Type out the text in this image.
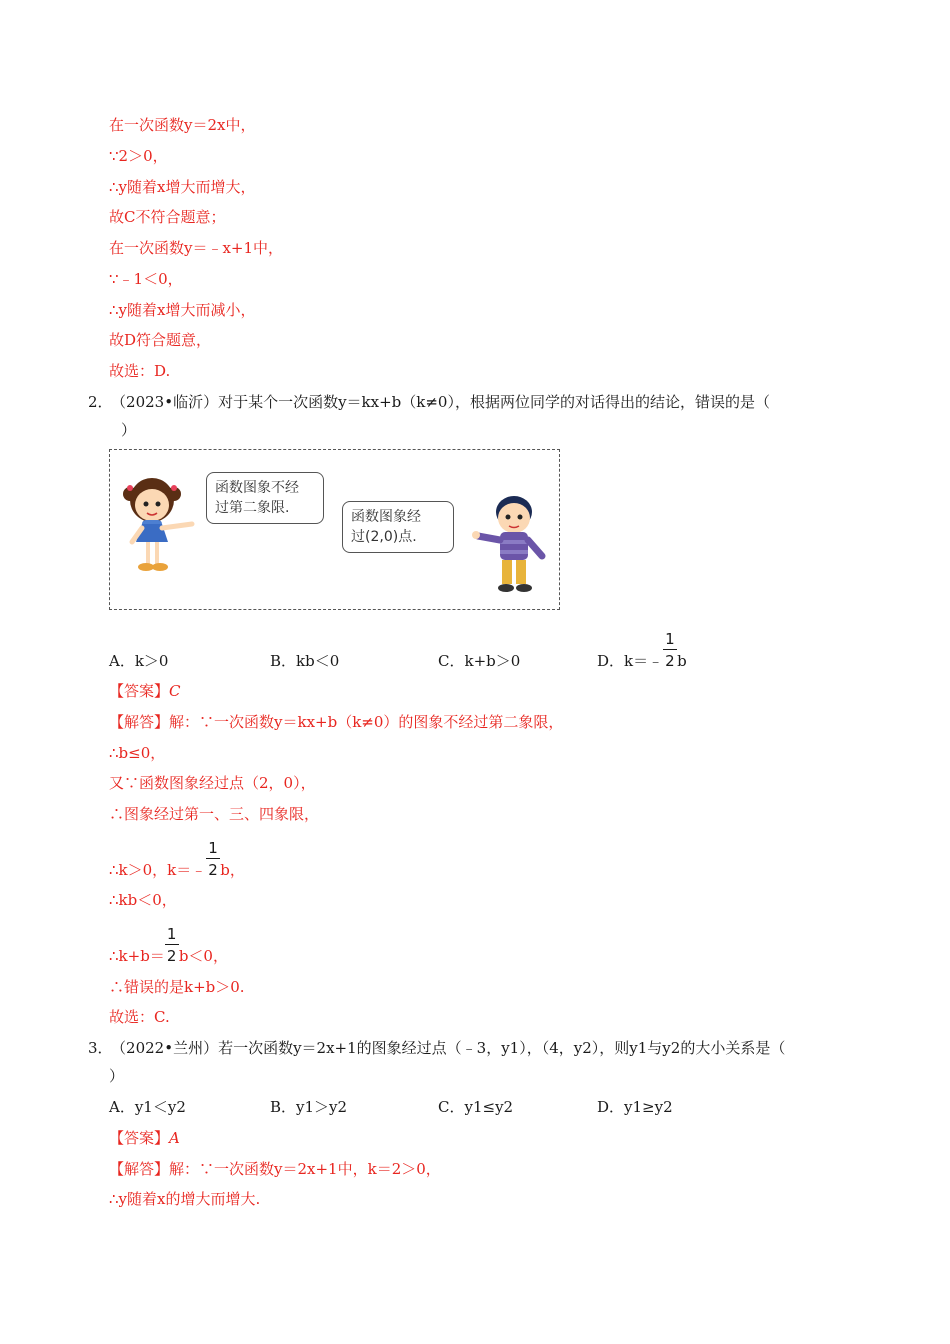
在一次函数y＝2x中，
∵2＞0，
∴y随着x增大而增大，
故C不符合题意；
在一次函数y＝﹣x+1中，
∵﹣1＜0，
∴y随着x增大而减小，
故D符合题意，
故选：D.
2． （2023•临沂）对于某个一次函数y＝kx+b（k≠0），根据两位同学的对话得出的结论，错误的是（
）
函数图象不经
过第二象限.
函数图象经
过(2,0)点.
A．k＞0	B．kb＜0	C．k+b＞0	D．k＝﹣ $\frac{1}{2}$ b
【答案】C
【解答】解：∵一次函数y＝kx+b（k≠0）的图象不经过第二象限，
∴b≤0，
又∵函数图象经过点（2，0），
∴图象经过第一、三、四象限，
∴k＞0，k＝﹣ $\frac{1}{2}$ b，
∴kb＜0，
∴k+b＝ $\frac{1}{2} b<0$，
∴错误的是k+b＞0.
故选：C.
3． （2022•兰州）若一次函数y＝2x+1的图象经过点（﹣3，y1），（4，y2），则y1与y2的大小关系是（
）
A．y1＜y2	B．y1＞y2	C．y1≤y2	D．y1≥y2
【答案】A
【解答】解：∵一次函数y＝2x+1中，k＝2＞0，
∴y随着x的增大而增大.
